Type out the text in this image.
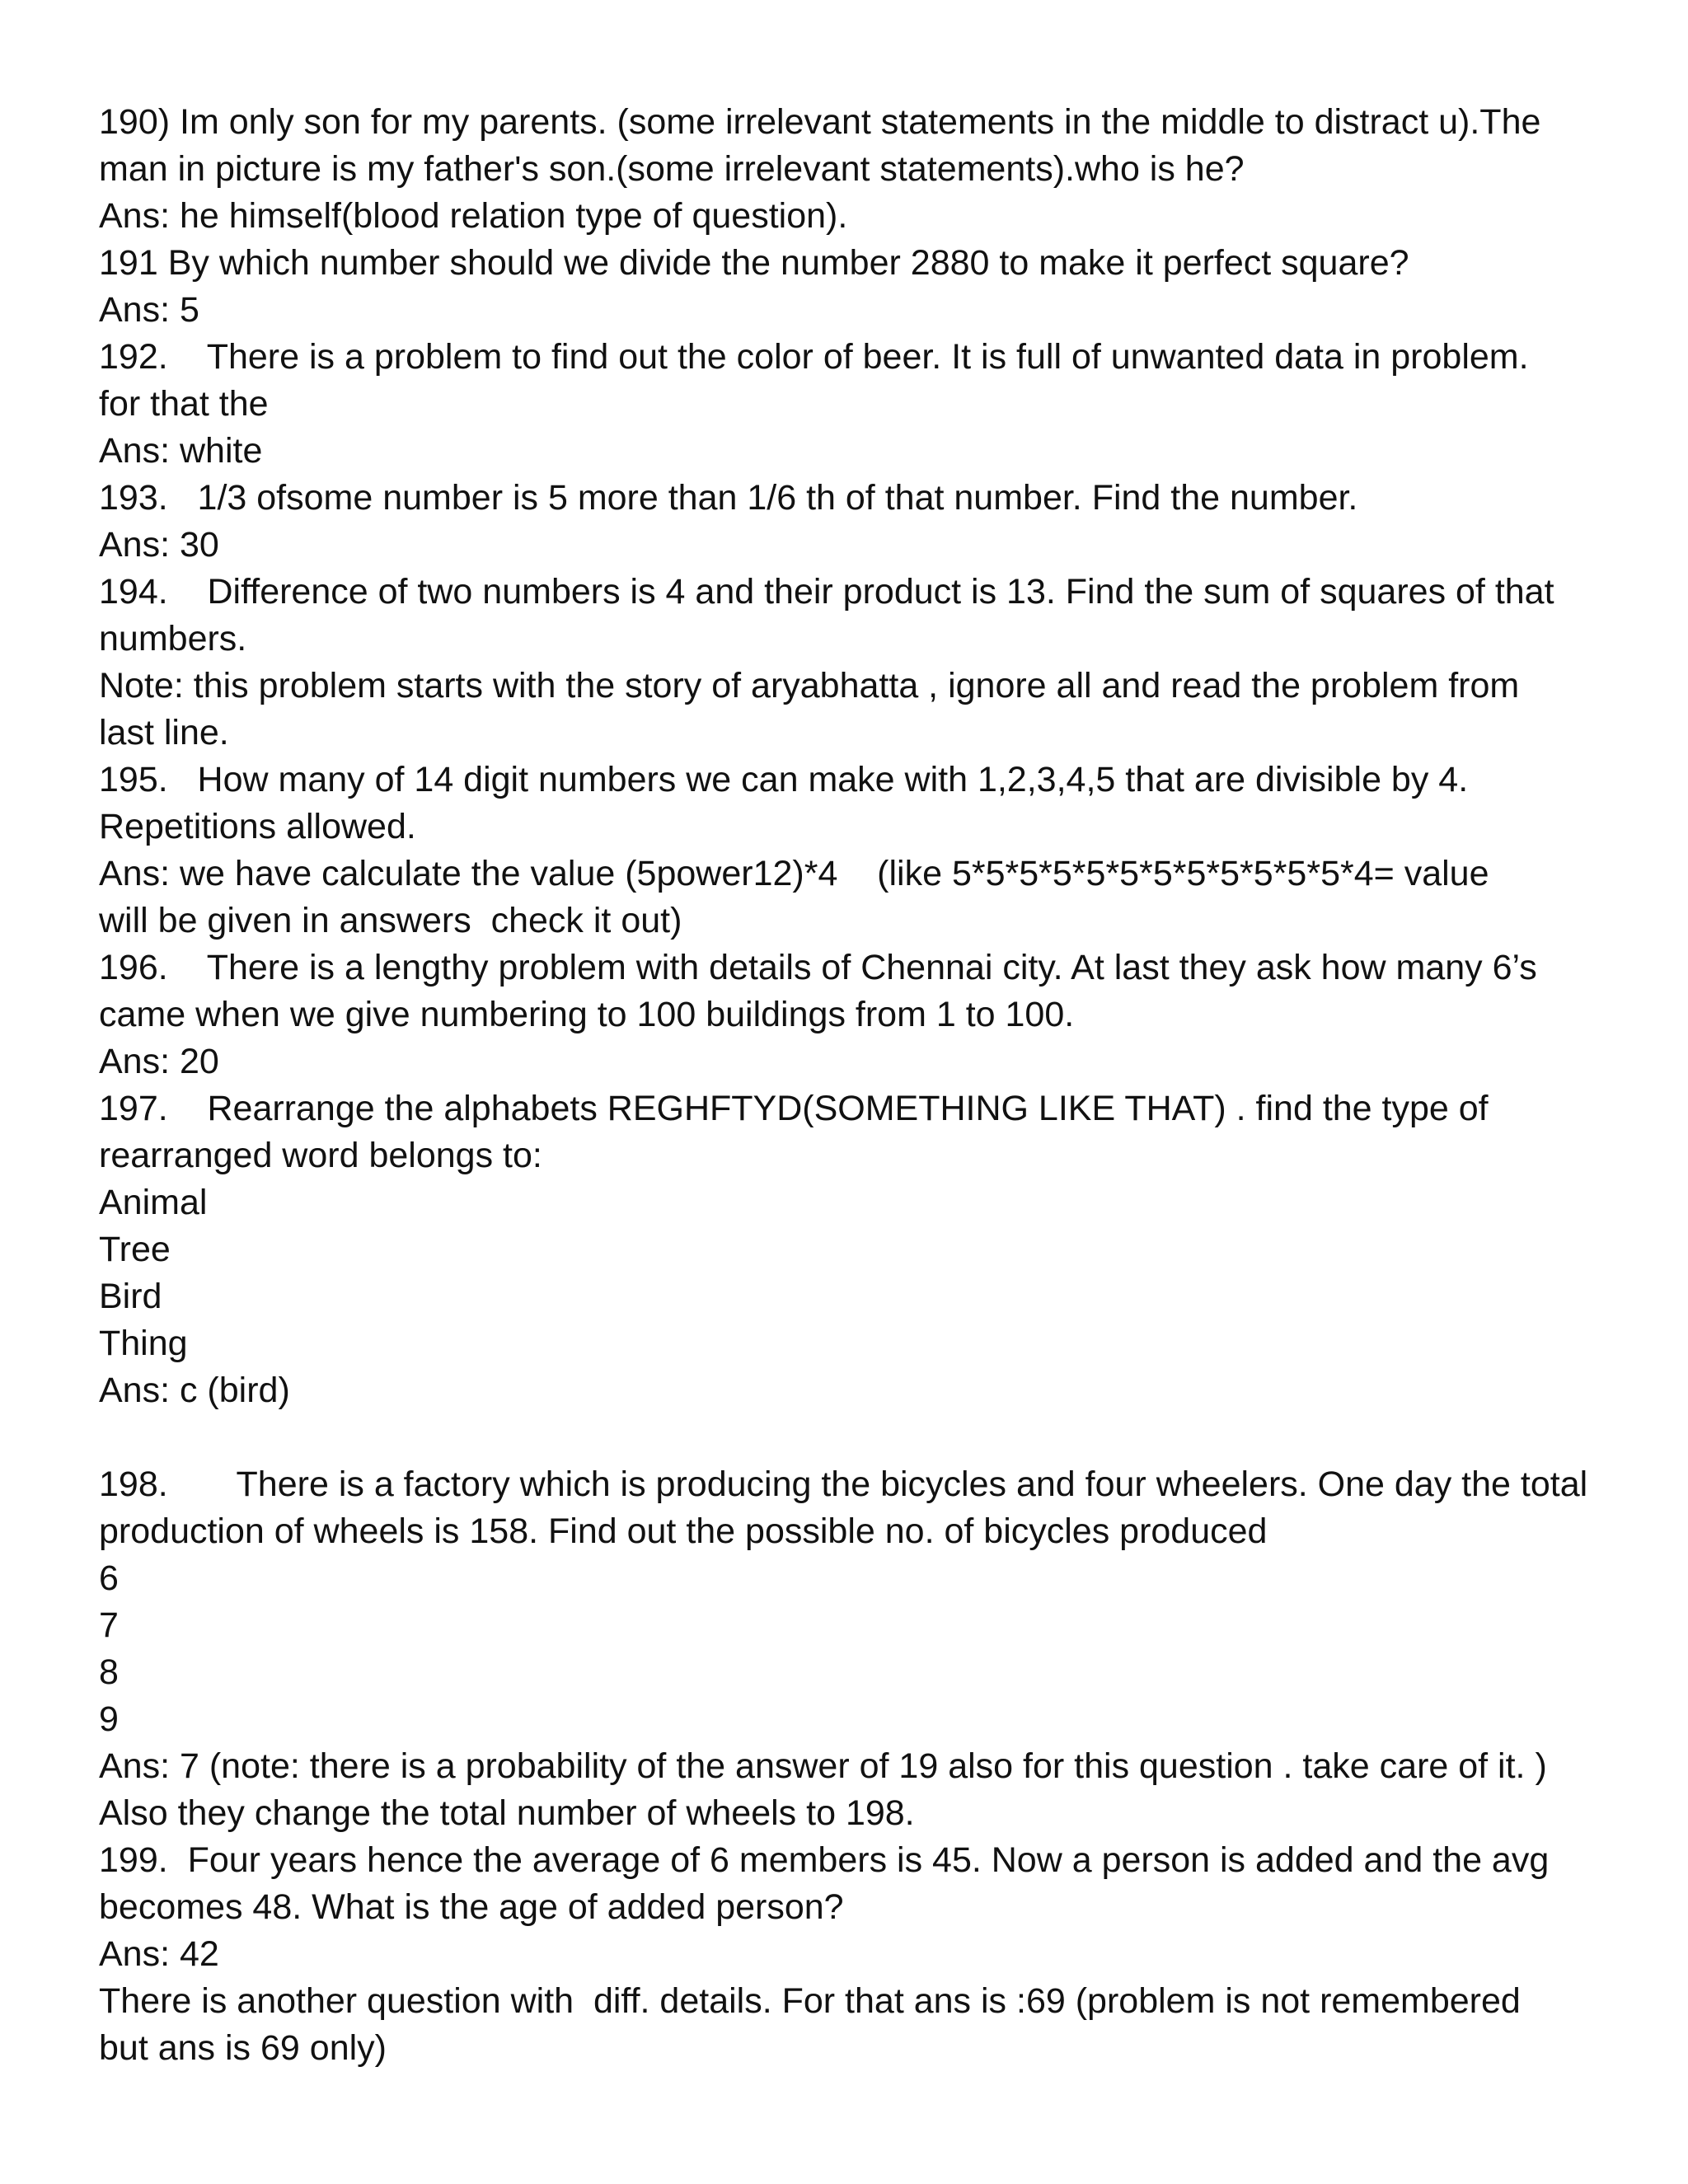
190) Im only son for my parents. (some irrelevant statements in the middle to distract u).The
man in picture is my father's son.(some irrelevant statements).who is he?
Ans: he himself(blood relation type of question).
191 By which number should we divide the number 2880 to make it perfect square?
Ans: 5
192.    There is a problem to find out the color of beer. It is full of unwanted data in problem.
for that the
Ans: white
193.   1/3 ofsome number is 5 more than 1/6 th of that number. Find the number.
Ans: 30
194.    Difference of two numbers is 4 and their product is 13. Find the sum of squares of that
numbers.
Note: this problem starts with the story of aryabhatta , ignore all and read the problem from
last line.
195.   How many of 14 digit numbers we can make with 1,2,3,4,5 that are divisible by 4.
Repetitions allowed.
Ans: we have calculate the value (5power12)*4    (like 5*5*5*5*5*5*5*5*5*5*5*5*4= value
will be given in answers  check it out)
196.    There is a lengthy problem with details of Chennai city. At last they ask how many 6’s
came when we give numbering to 100 buildings from 1 to 100.
Ans: 20
197.    Rearrange the alphabets REGHFTYD(SOMETHING LIKE THAT) . find the type of
rearranged word belongs to:
Animal
Tree
Bird
Thing
Ans: c (bird)
198.       There is a factory which is producing the bicycles and four wheelers. One day the total
production of wheels is 158. Find out the possible no. of bicycles produced
6
7
8
9
Ans: 7 (note: there is a probability of the answer of 19 also for this question . take care of it. )
Also they change the total number of wheels to 198.
199.  Four years hence the average of 6 members is 45. Now a person is added and the avg
becomes 48. What is the age of added person?
Ans: 42
There is another question with  diff. details. For that ans is :69 (problem is not remembered
but ans is 69 only)
